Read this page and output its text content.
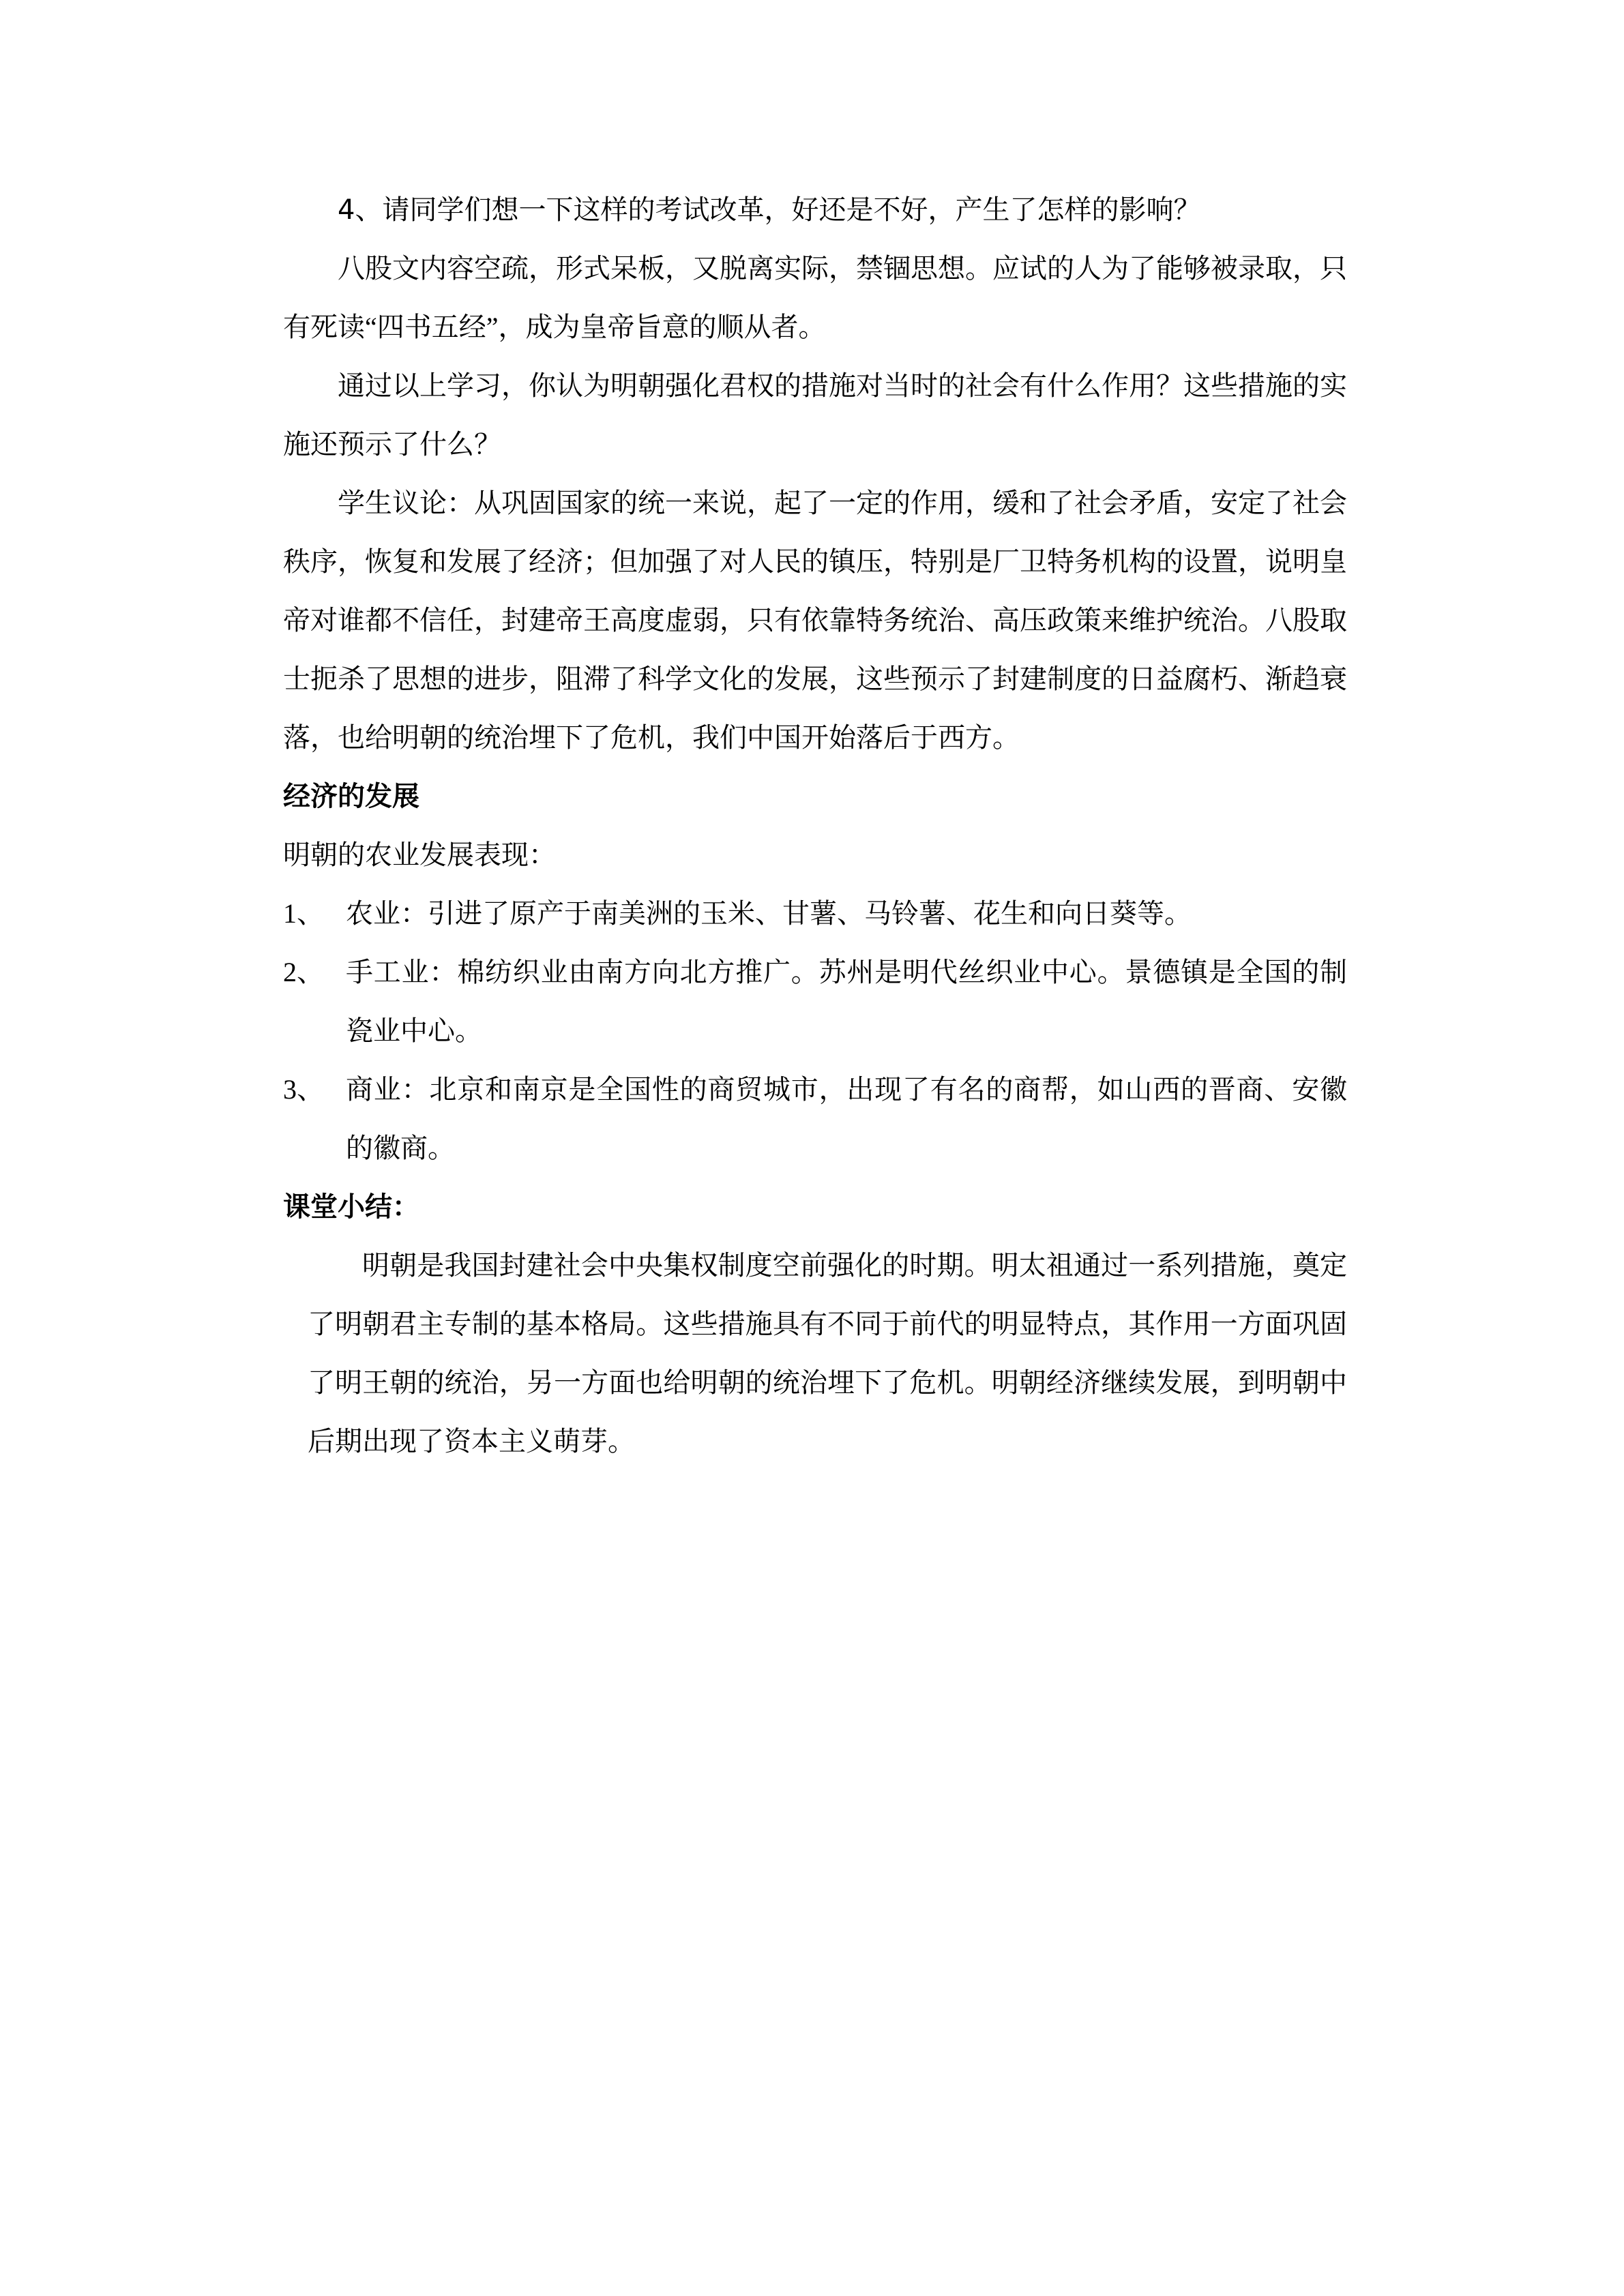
4、请同学们想一下这样的考试改革，好还是不好，产生了怎样的影响？

八股文内容空疏，形式呆板，又脱离实际，禁锢思想。应试的人为了能够被录取，只有死读“四书五经”，成为皇帝旨意的顺从者。

通过以上学习，你认为明朝强化君权的措施对当时的社会有什么作用？这些措施的实施还预示了什么？

学生议论：从巩固国家的统一来说，起了一定的作用，缓和了社会矛盾，安定了社会秩序，恢复和发展了经济；但加强了对人民的镇压，特别是厂卫特务机构的设置，说明皇帝对谁都不信任，封建帝王高度虚弱，只有依靠特务统治、高压政策来维护统治。八股取士扼杀了思想的进步，阻滞了科学文化的发展，这些预示了封建制度的日益腐朽、渐趋衰落，也给明朝的统治埋下了危机，我们中国开始落后于西方。

经济的发展

明朝的农业发展表现：

1、 农业：引进了原产于南美洲的玉米、甘薯、马铃薯、花生和向日葵等。
2、 手工业：棉纺织业由南方向北方推广。苏州是明代丝织业中心。景德镇是全国的制瓷业中心。
3、 商业：北京和南京是全国性的商贸城市，出现了有名的商帮，如山西的晋商、安徽的徽商。
课堂小结：

明朝是我国封建社会中央集权制度空前强化的时期。明太祖通过一系列措施，奠定了明朝君主专制的基本格局。这些措施具有不同于前代的明显特点，其作用一方面巩固了明王朝的统治，另一方面也给明朝的统治埋下了危机。明朝经济继续发展，到明朝中后期出现了资本主义萌芽。
